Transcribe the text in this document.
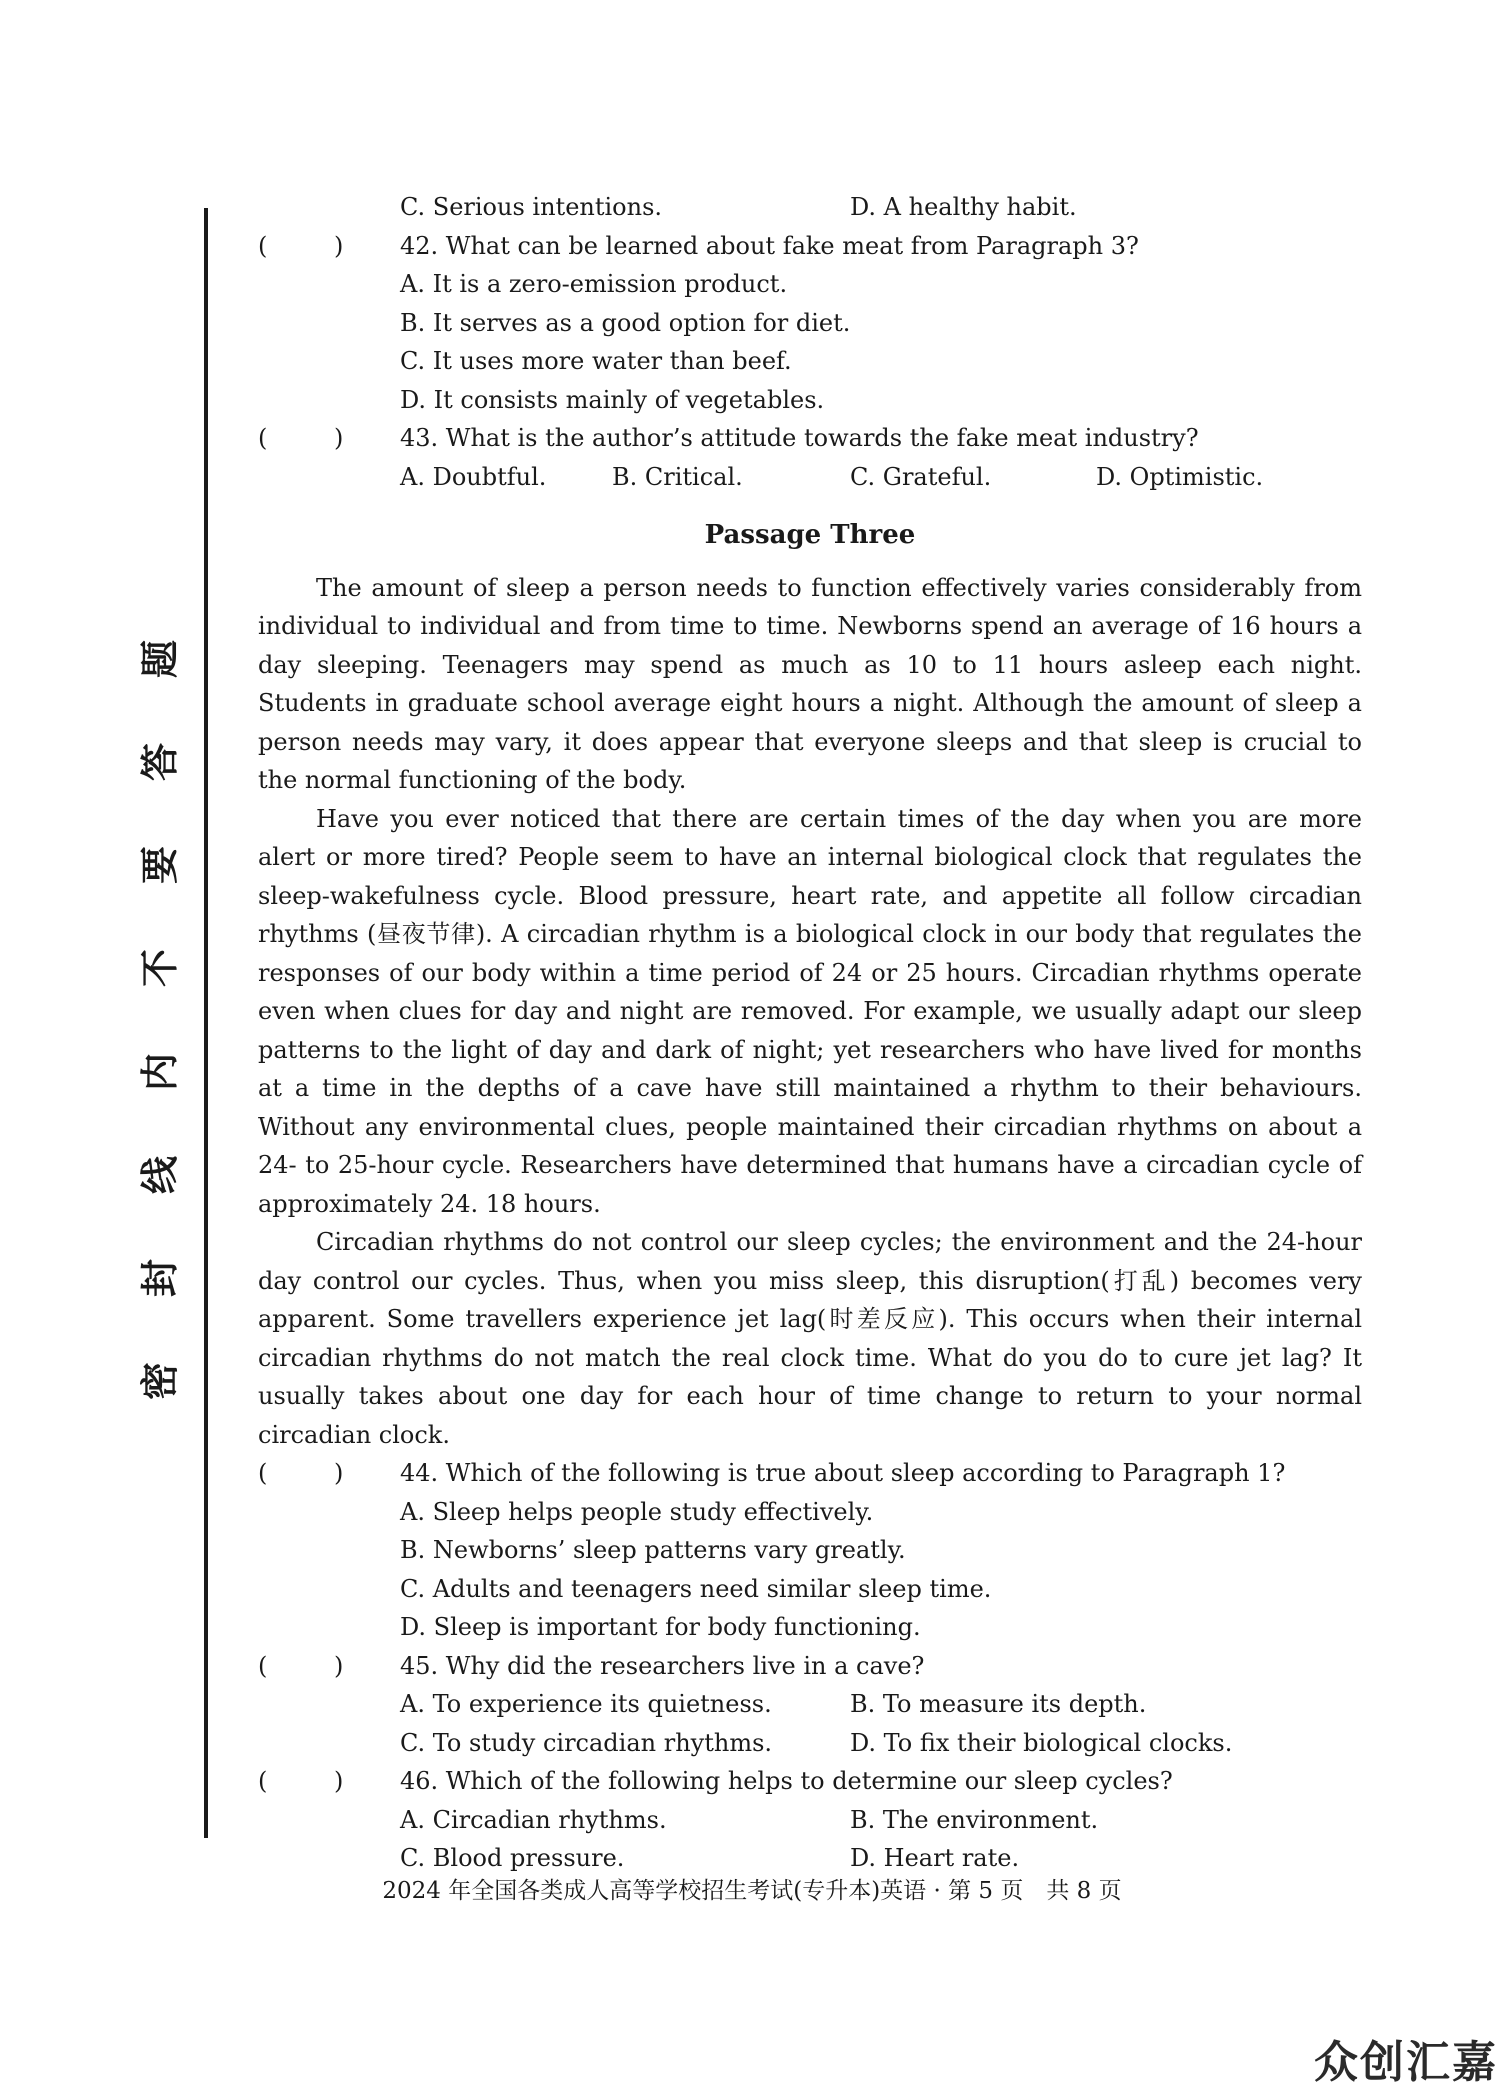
题
答
要
不
内
线
封
密
C. Serious intentions.	D. A healthy habit.
(	) 42. What can be learned about fake meat from Paragraph 3?
A. It is a zero-emission product.
B. It serves as a good option for diet.
C. It uses more water than beef.
D. It consists mainly of vegetables.
(	) 43. What is the author’s attitude towards the fake meat industry?
A. Doubtful.	B. Critical.	C. Grateful.	D. Optimistic.
Passage Three

The amount of sleep a person needs to function effectively varies considerably from individual to individual and from time to time. Newborns spend an average of 16 hours a day sleeping. Teenagers may spend as much as 10 to 11 hours asleep each night. Students in graduate school average eight hours a night. Although the amount of sleep a person needs may vary, it does appear that everyone sleeps and that sleep is crucial to the normal functioning of the body.

Have you ever noticed that there are certain times of the day when you are more alert or more tired? People seem to have an internal biological clock that regulates the sleep-wakefulness cycle. Blood pressure, heart rate, and appetite all follow circadian rhythms (昼夜节律). A circadian rhythm is a biological clock in our body that regulates the responses of our body within a time period of 24 or 25 hours. Circadian rhythms operate even when clues for day and night are removed. For example, we usually adapt our sleep patterns to the light of day and dark of night; yet researchers who have lived for months at a time in the depths of a cave have still maintained a rhythm to their behaviours. Without any environmental clues, people maintained their circadian rhythms on about a 24- to 25-hour cycle. Researchers have determined that humans have a circadian cycle of approximately 24. 18 hours.

Circadian rhythms do not control our sleep cycles; the environment and the 24-hour day control our cycles. Thus, when you miss sleep, this disruption(打乱) becomes very apparent. Some travellers experience jet lag(时差反应). This occurs when their internal circadian rhythms do not match the real clock time. What do you do to cure jet lag? It usually takes about one day for each hour of time change to return to your normal circadian clock.

(	) 44. Which of the following is true about sleep according to Paragraph 1?
A. Sleep helps people study effectively.
B. Newborns’ sleep patterns vary greatly.
C. Adults and teenagers need similar sleep time.
D. Sleep is important for body functioning.
(	) 45. Why did the researchers live in a cave?
A. To experience its quietness.	B. To measure its depth.
C. To study circadian rhythms.	D. To fix their biological clocks.
(	) 46. Which of the following helps to determine our sleep cycles?
A. Circadian rhythms.	B. The environment.
C. Blood pressure.	D. Heart rate.
2024 年全国各类成人高等学校招生考试(专升本)英语 · 第 5 页　共 8 页
众创汇嘉
